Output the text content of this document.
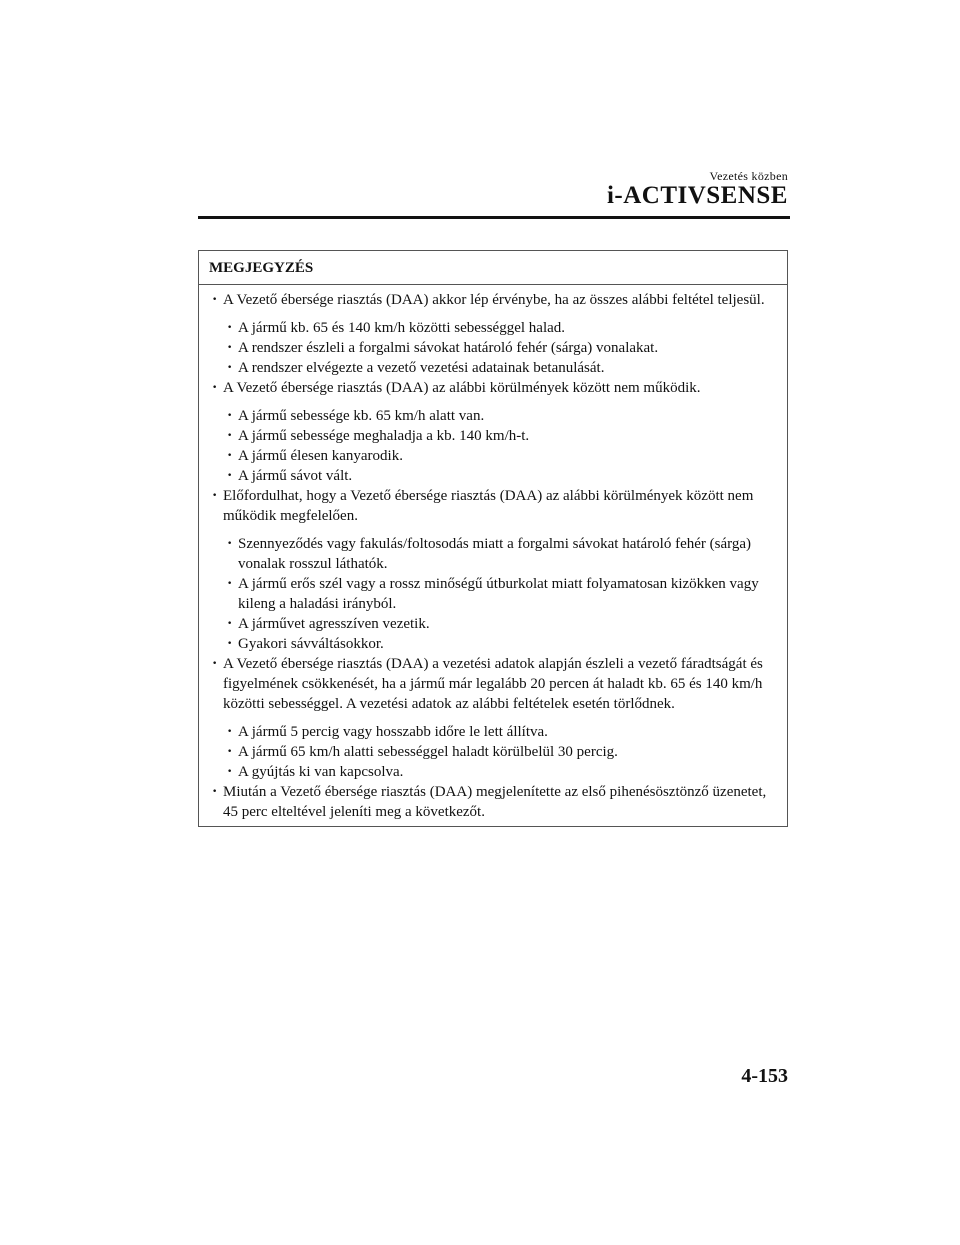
Vezetés közben
i-ACTIVSENSE
MEGJEGYZÉS
· A Vezető ébersége riasztás (DAA) akkor lép érvénybe, ha az összes alábbi feltétel teljesül.
· A jármű kb. 65 és 140 km/h közötti sebességgel halad.
· A rendszer észleli a forgalmi sávokat határoló fehér (sárga) vonalakat.
· A rendszer elvégezte a vezető vezetési adatainak betanulását.
· A Vezető ébersége riasztás (DAA) az alábbi körülmények között nem működik.
· A jármű sebessége kb. 65 km/h alatt van.
· A jármű sebessége meghaladja a kb. 140 km/h-t.
· A jármű élesen kanyarodik.
· A jármű sávot vált.
· Előfordulhat, hogy a Vezető ébersége riasztás (DAA) az alábbi körülmények között nem működik megfelelően.
· Szennyeződés vagy fakulás/foltosodás miatt a forgalmi sávokat határoló fehér (sárga) vonalak rosszul láthatók.
· A jármű erős szél vagy a rossz minőségű útburkolat miatt folyamatosan kizökken vagy kileng a haladási irányból.
· A járművet agresszíven vezetik.
· Gyakori sávváltásokkor.
· A Vezető ébersége riasztás (DAA) a vezetési adatok alapján észleli a vezető fáradtságát és figyelmének csökkenését, ha a jármű már legalább 20 percen át haladt kb. 65 és 140 km/h közötti sebességgel. A vezetési adatok az alábbi feltételek esetén törlődnek.
· A jármű 5 percig vagy hosszabb időre le lett állítva.
· A jármű 65 km/h alatti sebességgel haladt körülbelül 30 percig.
· A gyújtás ki van kapcsolva.
· Miután a Vezető ébersége riasztás (DAA) megjelenítette az első pihenésösztönző üzenetet, 45 perc elteltével jeleníti meg a következőt.
4-153
